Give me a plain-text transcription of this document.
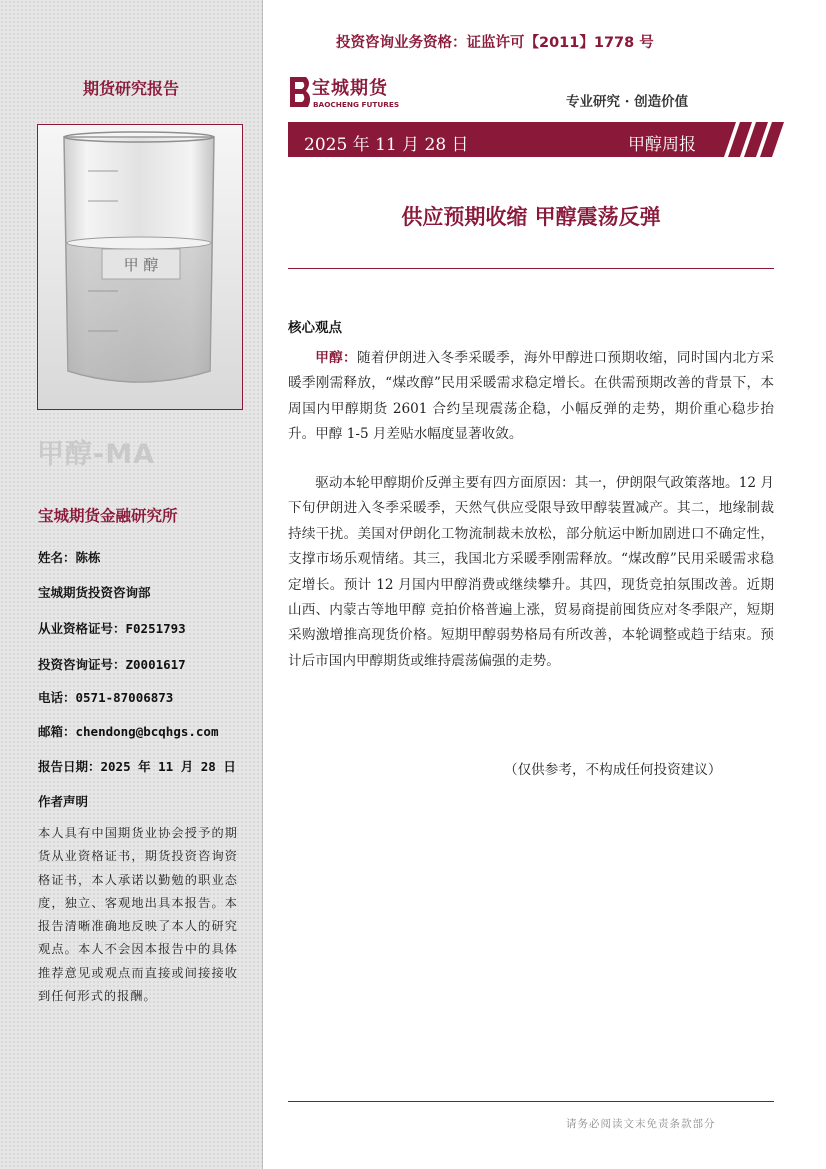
期货研究报告
甲 醇
甲醇-MA
宝城期货金融研究所
姓名：陈栋
宝城期货投资咨询部
从业资格证号：F0251793
投资咨询证号：Z0001617
电话：0571-87006873
邮箱：chendong@bcqhgs.com
报告日期：2025 年 11 月 28 日
作者声明
本人具有中国期货业协会授予的期货从业资格证书，期货投资咨询资格证书，本人承诺以勤勉的职业态度，独立、客观地出具本报告。本报告清晰准确地反映了本人的研究观点。本人不会因本报告中的具体推荐意见或观点而直接或间接接收到任何形式的报酬。
投资咨询业务资格：证监许可【2011】1778 号
宝城期货
BAOCHENG FUTURES	专业研究 · 创造价值
2025 年 11 月 28 日	甲醇周报
供应预期收缩 甲醇震荡反弹
核心观点
甲醇：随着伊朗进入冬季采暖季，海外甲醇进口预期收缩，同时国内北方采暖季刚需释放，“煤改醇”民用采暖需求稳定增长。在供需预期改善的背景下，本周国内甲醇期货 2601 合约呈现震荡企稳，小幅反弹的走势，期价重心稳步抬升。甲醇 1-5 月差贴水幅度显著收敛。
驱动本轮甲醇期价反弹主要有四方面原因：其一，伊朗限气政策落地。12 月下旬伊朗进入冬季采暖季，天然气供应受限导致甲醇装置减产。其二，地缘制裁持续干扰。美国对伊朗化工物流制裁未放松，部分航运中断加剧进口不确定性，支撑市场乐观情绪。其三，我国北方采暖季刚需释放。“煤改醇”民用采暖需求稳定增长。预计 12 月国内甲醇消费或继续攀升。其四，现货竞拍氛围改善。近期山西、内蒙古等地甲醇 竞拍价格普遍上涨，贸易商提前囤货应对冬季限产，短期采购激增推高现货价格。短期甲醇弱势格局有所改善，本轮调整或趋于结束。预计后市国内甲醇期货或维持震荡偏强的走势。
（仅供参考，不构成任何投资建议）
请务必阅读文末免责条款部分
